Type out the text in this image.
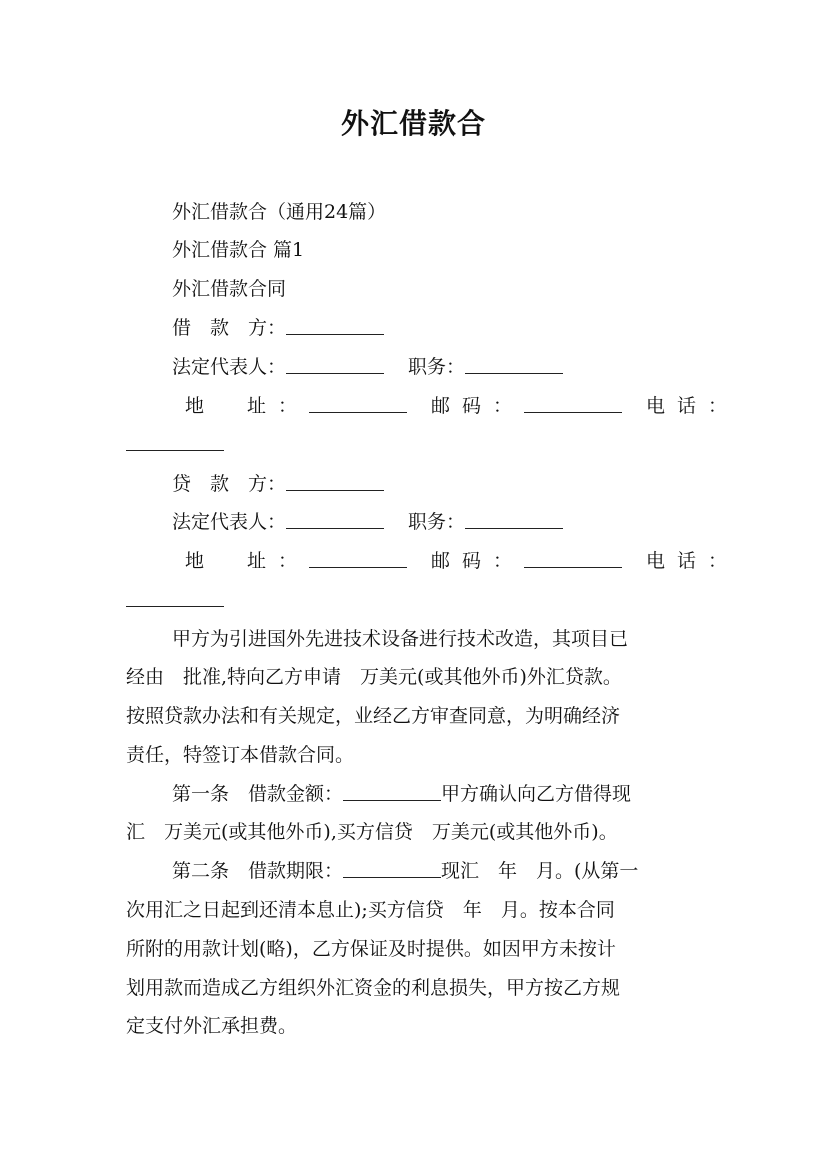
外汇借款合
外汇借款合（通用24篇）
外汇借款合 篇1
外汇借款合同
借　款　方：
法定代表人：	职务：
地　址：	邮码：	电话：
贷　款　方：
法定代表人：	职务：
地　址：	邮码：	电话：
甲方为引进国外先进技术设备进行技术改造，其项目已
经由　批准,特向乙方申请　万美元(或其他外币)外汇贷款。
按照贷款办法和有关规定，业经乙方审查同意，为明确经济
责任，特签订本借款合同。
第一条　借款金额：	甲方确认向乙方借得现
汇　万美元(或其他外币),买方信贷　万美元(或其他外币)。
第二条　借款期限：	现汇　年　月。(从第一
次用汇之日起到还清本息止);买方信贷　年　月。按本合同
所附的用款计划(略)，乙方保证及时提供。如因甲方未按计
划用款而造成乙方组织外汇资金的利息损失，甲方按乙方规
定支付外汇承担费。
